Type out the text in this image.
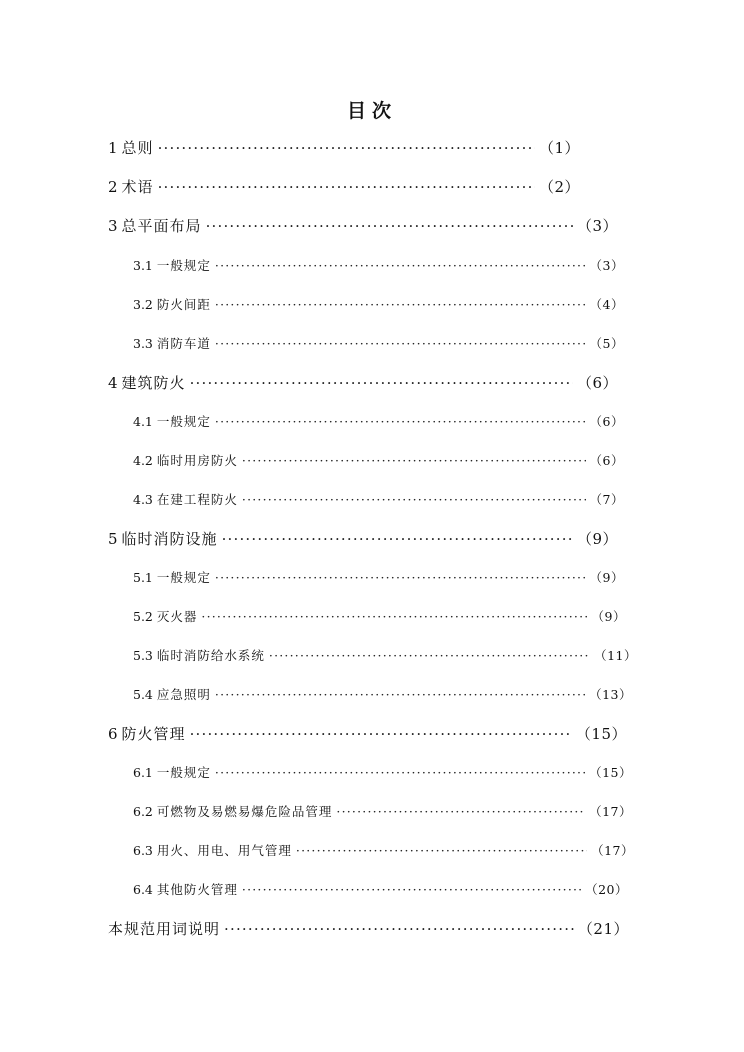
目次
1 总则 ·····	（1）
2 术语 ·····	（2）
3 总平面布局 ·····	（3）
3.1 一般规定 ·····	（3）
3.2 防火间距 ·····	（4）
3.3 消防车道 ·····	（5）
4 建筑防火 ·····	（6）
4.1 一般规定 ·····	（6）
4.2 临时用房防火 ·····	（6）
4.3 在建工程防火 ·····	（7）
5 临时消防设施 ·····	（9）
5.1 一般规定 ·····	（9）
5.2 灭火器 ·····	（9）
5.3 临时消防给水系统 ·····	（11）
5.4 应急照明 ·····	（13）
6 防火管理 ·····	（15）
6.1 一般规定 ·····	（15）
6.2 可燃物及易燃易爆危险品管理 ·····	（17）
6.3 用火、用电、用气管理 ·····	（17）
6.4 其他防火管理 ·····	（20）
本规范用词说明 ·····	（21）
